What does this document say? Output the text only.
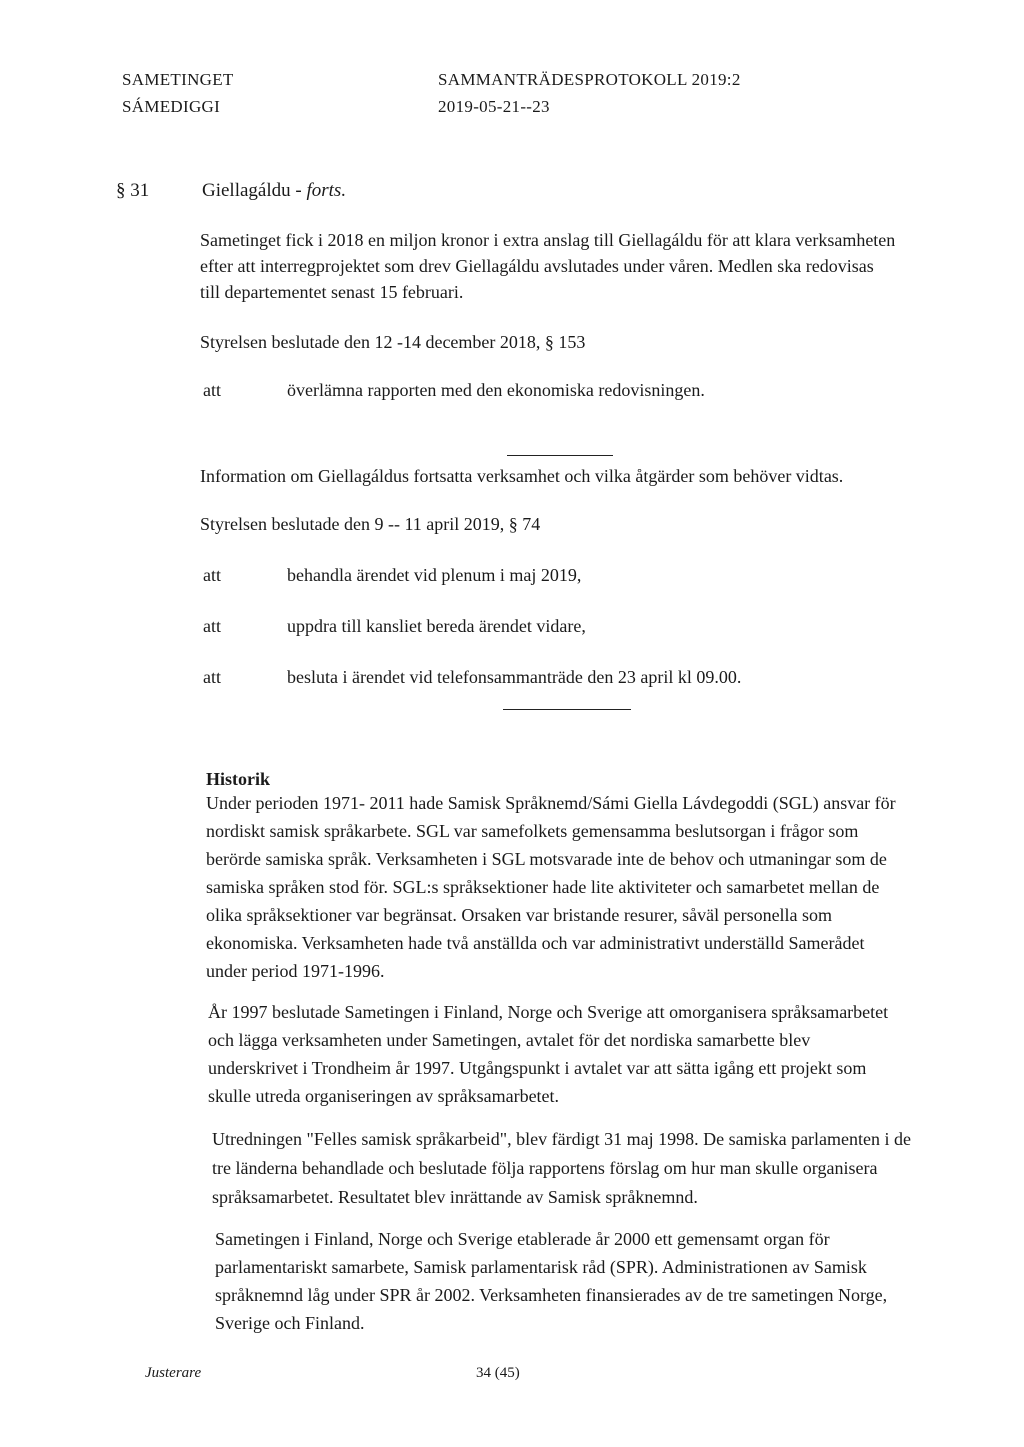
SAMETINGET
SÁMEDIGGI
SAMMANTRÄDESPROTOKOLL 2019:2
2019-05-21--23
§ 31	Giellagáldu - forts.
Sametinget fick i 2018 en miljon kronor i extra anslag till Giellagáldu för att klara verksamheten
efter att interregprojektet som drev Giellagáldu avslutades under våren. Medlen ska redovisas
till departementet senast 15 februari.
Styrelsen beslutade den 12 -14 december 2018, § 153
att	överlämna rapporten med den ekonomiska redovisningen.
Information om Giellagáldus fortsatta verksamhet och vilka åtgärder som behöver vidtas.
Styrelsen beslutade den 9 -- 11 april 2019, § 74
att	behandla ärendet vid plenum i maj 2019,
att	uppdra till kansliet bereda ärendet vidare,
att	besluta i ärendet vid telefonsammanträde den 23 april kl 09.00.
Historik
Under perioden 1971- 2011 hade Samisk Språknemd/Sámi Giella Lávdegoddi (SGL) ansvar för
nordiskt samisk språkarbete. SGL var samefolkets gemensamma beslutsorgan i frågor som
berörde samiska språk. Verksamheten i SGL motsvarade inte de behov och utmaningar som de
samiska språken stod för. SGL:s språksektioner hade lite aktiviteter och samarbetet mellan de
olika språksektioner var begränsat. Orsaken var bristande resurer, såväl personella som
ekonomiska. Verksamheten hade två anställda och var administrativt underställd Samerådet
under period 1971-1996.
År 1997 beslutade Sametingen i Finland, Norge och Sverige att omorganisera språksamarbetet
och lägga verksamheten under Sametingen, avtalet för det nordiska samarbette blev
underskrivet i Trondheim år 1997. Utgångspunkt i avtalet var att sätta igång ett projekt som
skulle utreda organiseringen av språksamarbetet.
Utredningen "Felles samisk språkarbeid", blev färdigt 31 maj 1998. De samiska parlamenten i de
tre länderna behandlade och beslutade följa rapportens förslag om hur man skulle organisera
språksamarbetet. Resultatet blev inrättande av Samisk språknemnd.
Sametingen i Finland, Norge och Sverige etablerade år 2000 ett gemensamt organ för
parlamentariskt samarbete, Samisk parlamentarisk råd (SPR). Administrationen av Samisk
språknemnd låg under SPR år 2002. Verksamheten finansierades av de tre sametingen Norge,
Sverige och Finland.
Justerare	34 (45)
